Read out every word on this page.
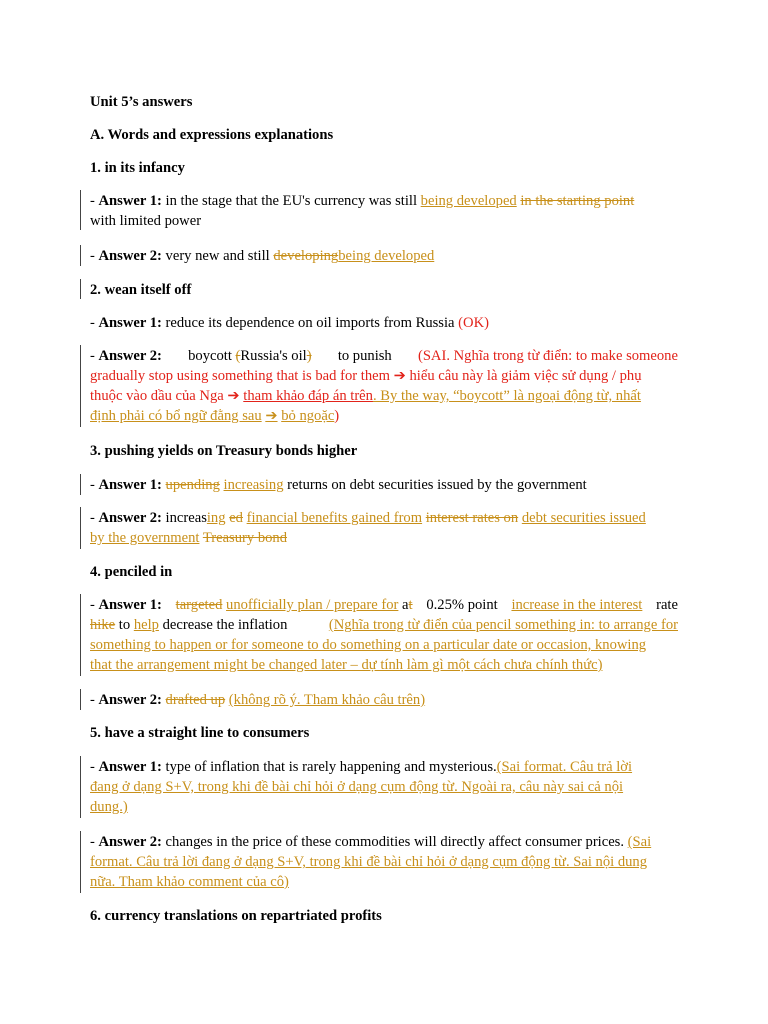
Unit 5’s answers
A. Words and expressions explanations
1. in its infancy
- Answer 1: in the stage that the EU's currency was still being developed in the starting point
with limited power
- Answer 2: very new and still developingbeing developed
2. wean itself off
- Answer 1: reduce its dependence on oil imports from Russia (OK)
- Answer 2: boycott (Russia's oil) to punish (SAI. Nghĩa trong từ điển: to make someone
gradually stop using something that is bad for them ➔ hiểu câu này là giảm việc sử dụng / phụ
thuộc vào dầu của Nga ➔ tham khảo đáp án trên. By the way, “boycott” là ngoại động từ, nhất
định phải có bổ ngữ đằng sau ➔ bỏ ngoặc)
3. pushing yields on Treasury bonds higher
- Answer 1: upending increasing returns on debt securities issued by the government
- Answer 2: increasing ed financial benefits gained from interest rates on debt securities issued
by the government Treasury bond
4. penciled in
- Answer 1: targeted unofficially plan / prepare for at 0.25% point increase in the interest rate
hike to help decrease the inflation	(Nghĩa trong từ điển của pencil something in: to arrange for
something to happen or for someone to do something on a particular date or occasion, knowing
that the arrangement might be changed later – dự tính làm gì một cách chưa chính thức)
- Answer 2: drafted up (không rõ ý. Tham khảo câu trên)
5. have a straight line to consumers
- Answer 1: type of inflation that is rarely happening and mysterious.(Sai format. Câu trả lời
đang ở dạng S+V, trong khi đề bài chỉ hỏi ở dạng cụm động từ. Ngoài ra, câu này sai cả nội
dung.)
- Answer 2: changes in the price of these commodities will directly affect consumer prices. (Sai
format. Câu trả lời đang ở dạng S+V, trong khi đề bài chỉ hỏi ở dạng cụm động từ. Sai nội dung
nữa. Tham khảo comment của cô)
6. currency translations on repartriated profits
